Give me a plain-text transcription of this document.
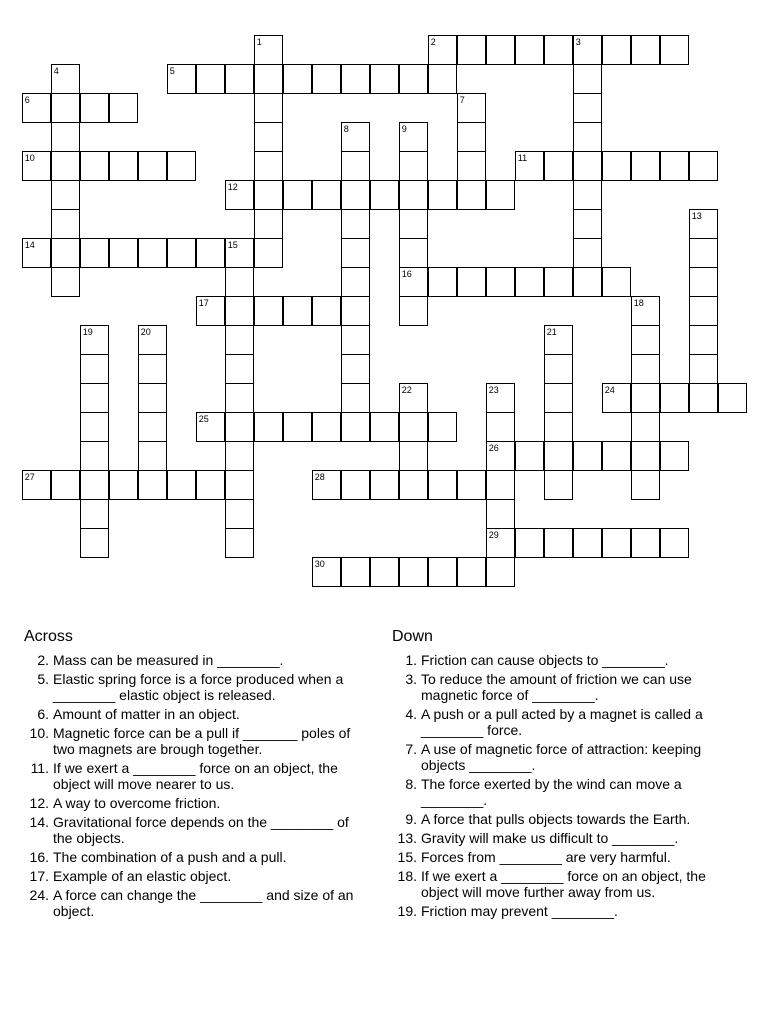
1	2	3
4	5
6	7
8	9
16
10	11
12
13
14	15
17	18
19	20	21
22	23
26
29
24
25
27	28
30
Across
2. Mass can be measured in ________.
5. Elastic spring force is a force produced when a ________ elastic object is released.
6. Amount of matter in an object.
10. Magnetic force can be a pull if _______ poles of two magnets are brough together.
11. If we exert a ________ force on an object, the object will move nearer to us.
12. A way to overcome friction.
14. Gravitational force depends on the ________ of the objects.
16. The combination of a push and a pull.
17. Example of an elastic object.
24. A force can change the ________ and size of an object.
Down
1. Friction can cause objects to ________.
3. To reduce the amount of friction we can use magnetic force of ________.
4. A push or a pull acted by a magnet is called a ________ force.
7. A use of magnetic force of attraction: keeping objects ________.
8. The force exerted by the wind can move a ________.
9. A force that pulls objects towards the Earth.
13. Gravity will make us difficult to ________.
15. Forces from ________ are very harmful.
18. If we exert a ________ force on an object, the object will move further away from us.
19. Friction may prevent ________.
